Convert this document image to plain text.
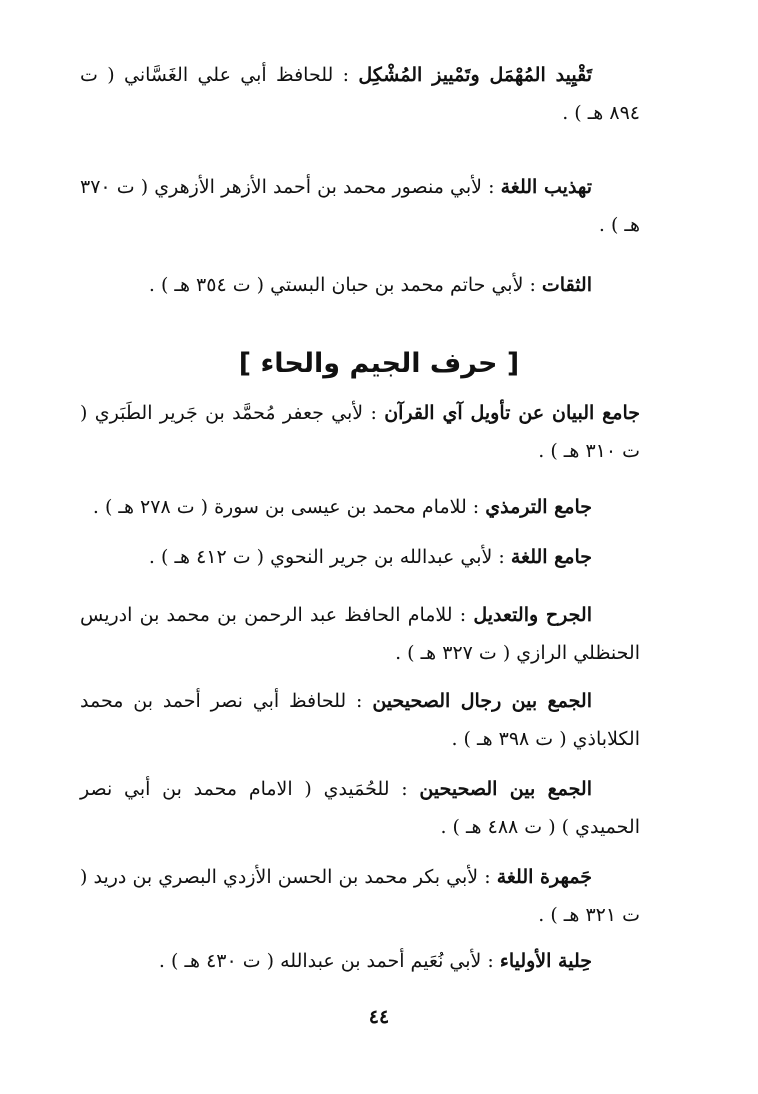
تَقْيِيد المُهْمَل وتَمْييز المُشْكِل : للحافظ أبي علي الغَسَّاني ( ت ٨٩٤ هـ ) .

تهذيب اللغة : لأبي منصور محمد بن أحمد الأزهر الأزهري ( ت ٣٧٠ هـ ) .

الثقات : لأبي حاتم محمد بن حبان البستي ( ت ٣٥٤ هـ ) .

[ حرف الجيم والحاء ]

جامع البيان عن تأويل آي القرآن : لأبي جعفر مُحمَّد بن جَرير الطَبَري ( ت ٣١٠ هـ ) .

جامع الترمذي : للامام محمد بن عيسى بن سورة ( ت ٢٧٨ هـ ) .

جامع اللغة : لأبي عبدالله بن جرير النحوي ( ت ٤١٢ هـ ) .

الجرح والتعديل : للامام الحافظ عبد الرحمن بن محمد بن ادريس الحنظلي الرازي ( ت ٣٢٧ هـ ) .

الجمع بين رجال الصحيحين : للحافظ أبي نصر أحمد بن محمد الكلاباذي ( ت ٣٩٨ هـ ) .

الجمع بين الصحيحين : للحُمَيدي ( الامام محمد بن أبي نصر الحميدي ) ( ت ٤٨٨ هـ ) .

جَمهرة اللغة : لأبي بكر محمد بن الحسن الأزدي البصري بن دريد ( ت ٣٢١ هـ ) .

حِلية الأولياء : لأبي نُعَيم أحمد بن عبدالله ( ت ٤٣٠ هـ ) .

٤٤
